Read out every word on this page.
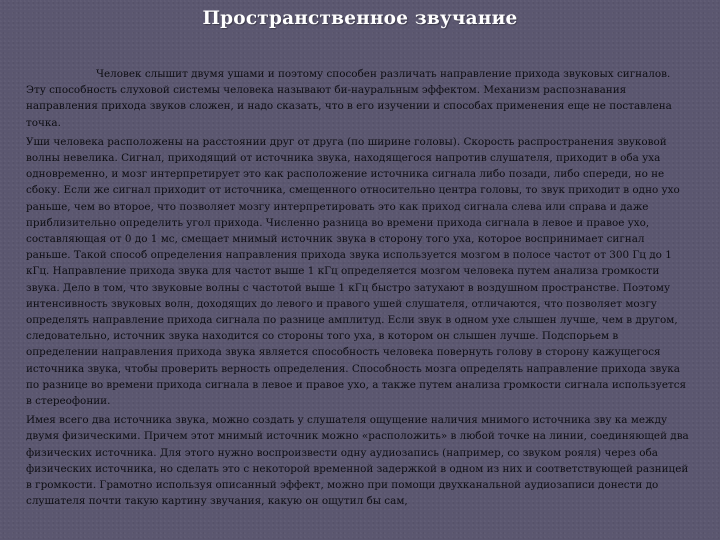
Пространственное звучание

Человек слышит двумя ушами и поэтому способен различать направление прихода звуковых сигналов. Эту способность слуховой системы человека называют би-науральным эффектом. Механизм распознавания направления прихода звуков сложен, и надо сказать, что в его изучении и способах применения еще не поставлена точка.

Уши человека расположены на расстоянии друг от друга (по ширине головы). Скорость распространения звуковой волны невелика. Сигнал, приходящий от источника звука, находящегося напротив слушателя, приходит в оба уха одновременно, и мозг интерпретирует это как расположение источника сигнала либо позади, либо спереди, но не сбоку. Если же сигнал приходит от источника, смещенного относительно центра головы, то звук приходит в одно ухо раньше, чем во второе, что позволяет мозгу интерпретировать это как приход сигнала слева или справа и даже приблизительно определить угол прихода. Численно разница во времени прихода сигнала в левое и правое ухо, составляющая от 0 до 1 мс, смещает мнимый источник звука в сторону того уха, которое воспринимает сигнал раньше. Такой способ определения направления прихода звука используется мозгом в полосе частот от 300 Гц до 1 кГц. Направление прихода звука для частот выше 1 кГц определяется мозгом человека путем анализа громкости звука. Дело в том, что звуковые волны с частотой выше 1 кГц быстро затухают в воздушном пространстве. Поэтому интенсивность звуковых волн, доходящих до левого и правого ушей слушателя, отличаются, что позволяет мозгу определять направление прихода сигнала по разнице амплитуд. Если звук в одном ухе слышен лучше, чем в другом, следовательно, источник звука находится со стороны того уха, в котором он слышен лучше. Подспорьем в определении направления прихода звука является способность человека повернуть голову в сторону кажущегося источника звука, чтобы проверить верность определения. Способность мозга определять направление прихода звука по разнице во времени прихода сигнала в левое и правое ухо, а также путем анализа громкости сигнала используется в стереофонии.

Имея всего два источника звука, можно создать у слушателя ощущение наличия мнимого источника зву ка между двумя физическими. Причем этот мнимый источник можно «расположить» в любой точке на линии, соединяющей два физических источника. Для этого нужно воспроизвести одну аудиозапись (например, со звуком рояля) через оба физических источника, но сделать это с некоторой временной задержкой в одном из них и соответствующей разницей в громкости. Грамотно используя описанный эффект, можно при помощи двухканальной аудиозаписи донести до слушателя почти такую картину звучания, какую он ощутил бы сам,
